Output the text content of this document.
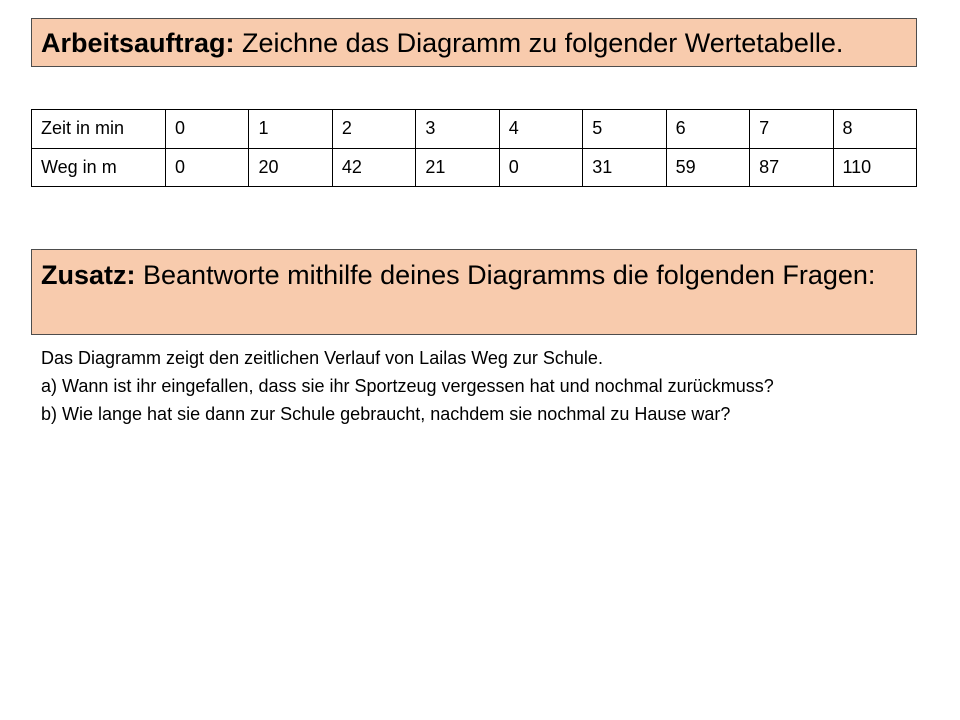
Arbeitsauftrag: Zeichne das Diagramm zu folgender Wertetabelle.
Zeit in min	0	1	2	3	4	5	6	7	8
Weg in m	0	20	42	21	0	31	59	87	110
Zusatz: Beantworte mithilfe deines Diagramms die folgenden Fragen:
Das Diagramm zeigt den zeitlichen Verlauf von Lailas Weg zur Schule.
a) Wann ist ihr eingefallen, dass sie ihr Sportzeug vergessen hat und nochmal zurückmuss?
b) Wie lange hat sie dann zur Schule gebraucht, nachdem sie nochmal zu Hause war?
